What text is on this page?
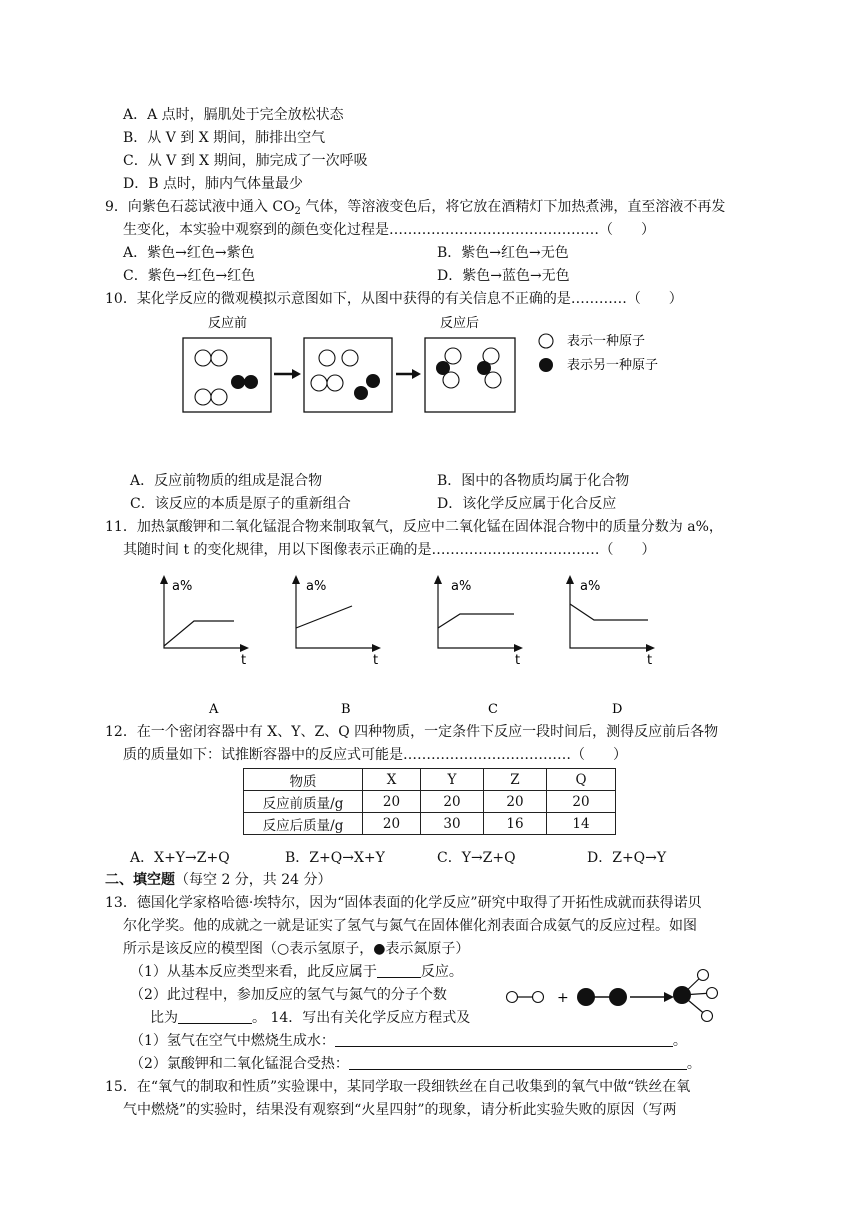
A．A 点时，膈肌处于完全放松状态
B．从 V 到 X 期间，肺排出空气
C．从 V 到 X 期间，肺完成了一次呼吸
D．B 点时，肺内气体量最少
9．向紫色石蕊试液中通入 $CO_2$ 气体，等溶液变色后，将它放在酒精灯下加热煮沸，直至溶液不再发
生变化，本实验中观察到的颜色变化过程是………………………………………（　　）
A．紫色→红色→紫色	B．紫色→红色→无色
C．紫色→红色→红色	D．紫色→蓝色→无色
10．某化学反应的微观模拟示意图如下，从图中获得的有关信息不正确的是…………（　　）
反应前	反应后
表示一种原子
表示另一种原子
A．反应前物质的组成是混合物	B．图中的各物质均属于化合物
C．该反应的本质是原子的重新组合	D．该化学反应属于化合反应
11．加热氯酸钾和二氧化锰混合物来制取氧气，反应中二氧化锰在固体混合物中的质量分数为 a%，
其随时间 t 的变化规律，用以下图像表示正确的是………………………………（　　）
a%
t
a%
t
a%
t
a%
t
A	B	C	D
12．在一个密闭容器中有 X、Y、Z、Q 四种物质，一定条件下反应一段时间后，测得反应前后各物
质的质量如下：试推断容器中的反应式可能是………………………………（　　）
物质	X	Y	Z	Q
反应前质量/g	20	20	20	20
反应后质量/g	20	30	16	14
A．X+Y→Z+Q	B．Z+Q→X+Y	C．Y→Z+Q	D．Z+Q→Y
二、填空题（每空 2 分，共 24 分）
13．德国化学家格哈德·埃特尔，因为“固体表面的化学反应”研究中取得了开拓性成就而获得诺贝
尔化学奖。他的成就之一就是证实了氢气与氮气在固体催化剂表面合成氨气的反应过程。如图
所示是该反应的模型图（○表示氢原子，●表示氮原子）
（1）从基本反应类型来看，此反应属于	反应。
（2）此过程中，参加反应的氢气与氮气的分子个数
比为	。 14．写出有关化学反应方程式及
+
（1）氢气在空气中燃烧生成水：	。
（2）氯酸钾和二氧化锰混合受热：	。
15．在“氧气的制取和性质”实验课中，某同学取一段细铁丝在自己收集到的氧气中做“铁丝在氧
气中燃烧”的实验时，结果没有观察到“火星四射”的现象，请分析此实验失败的原因（写两
